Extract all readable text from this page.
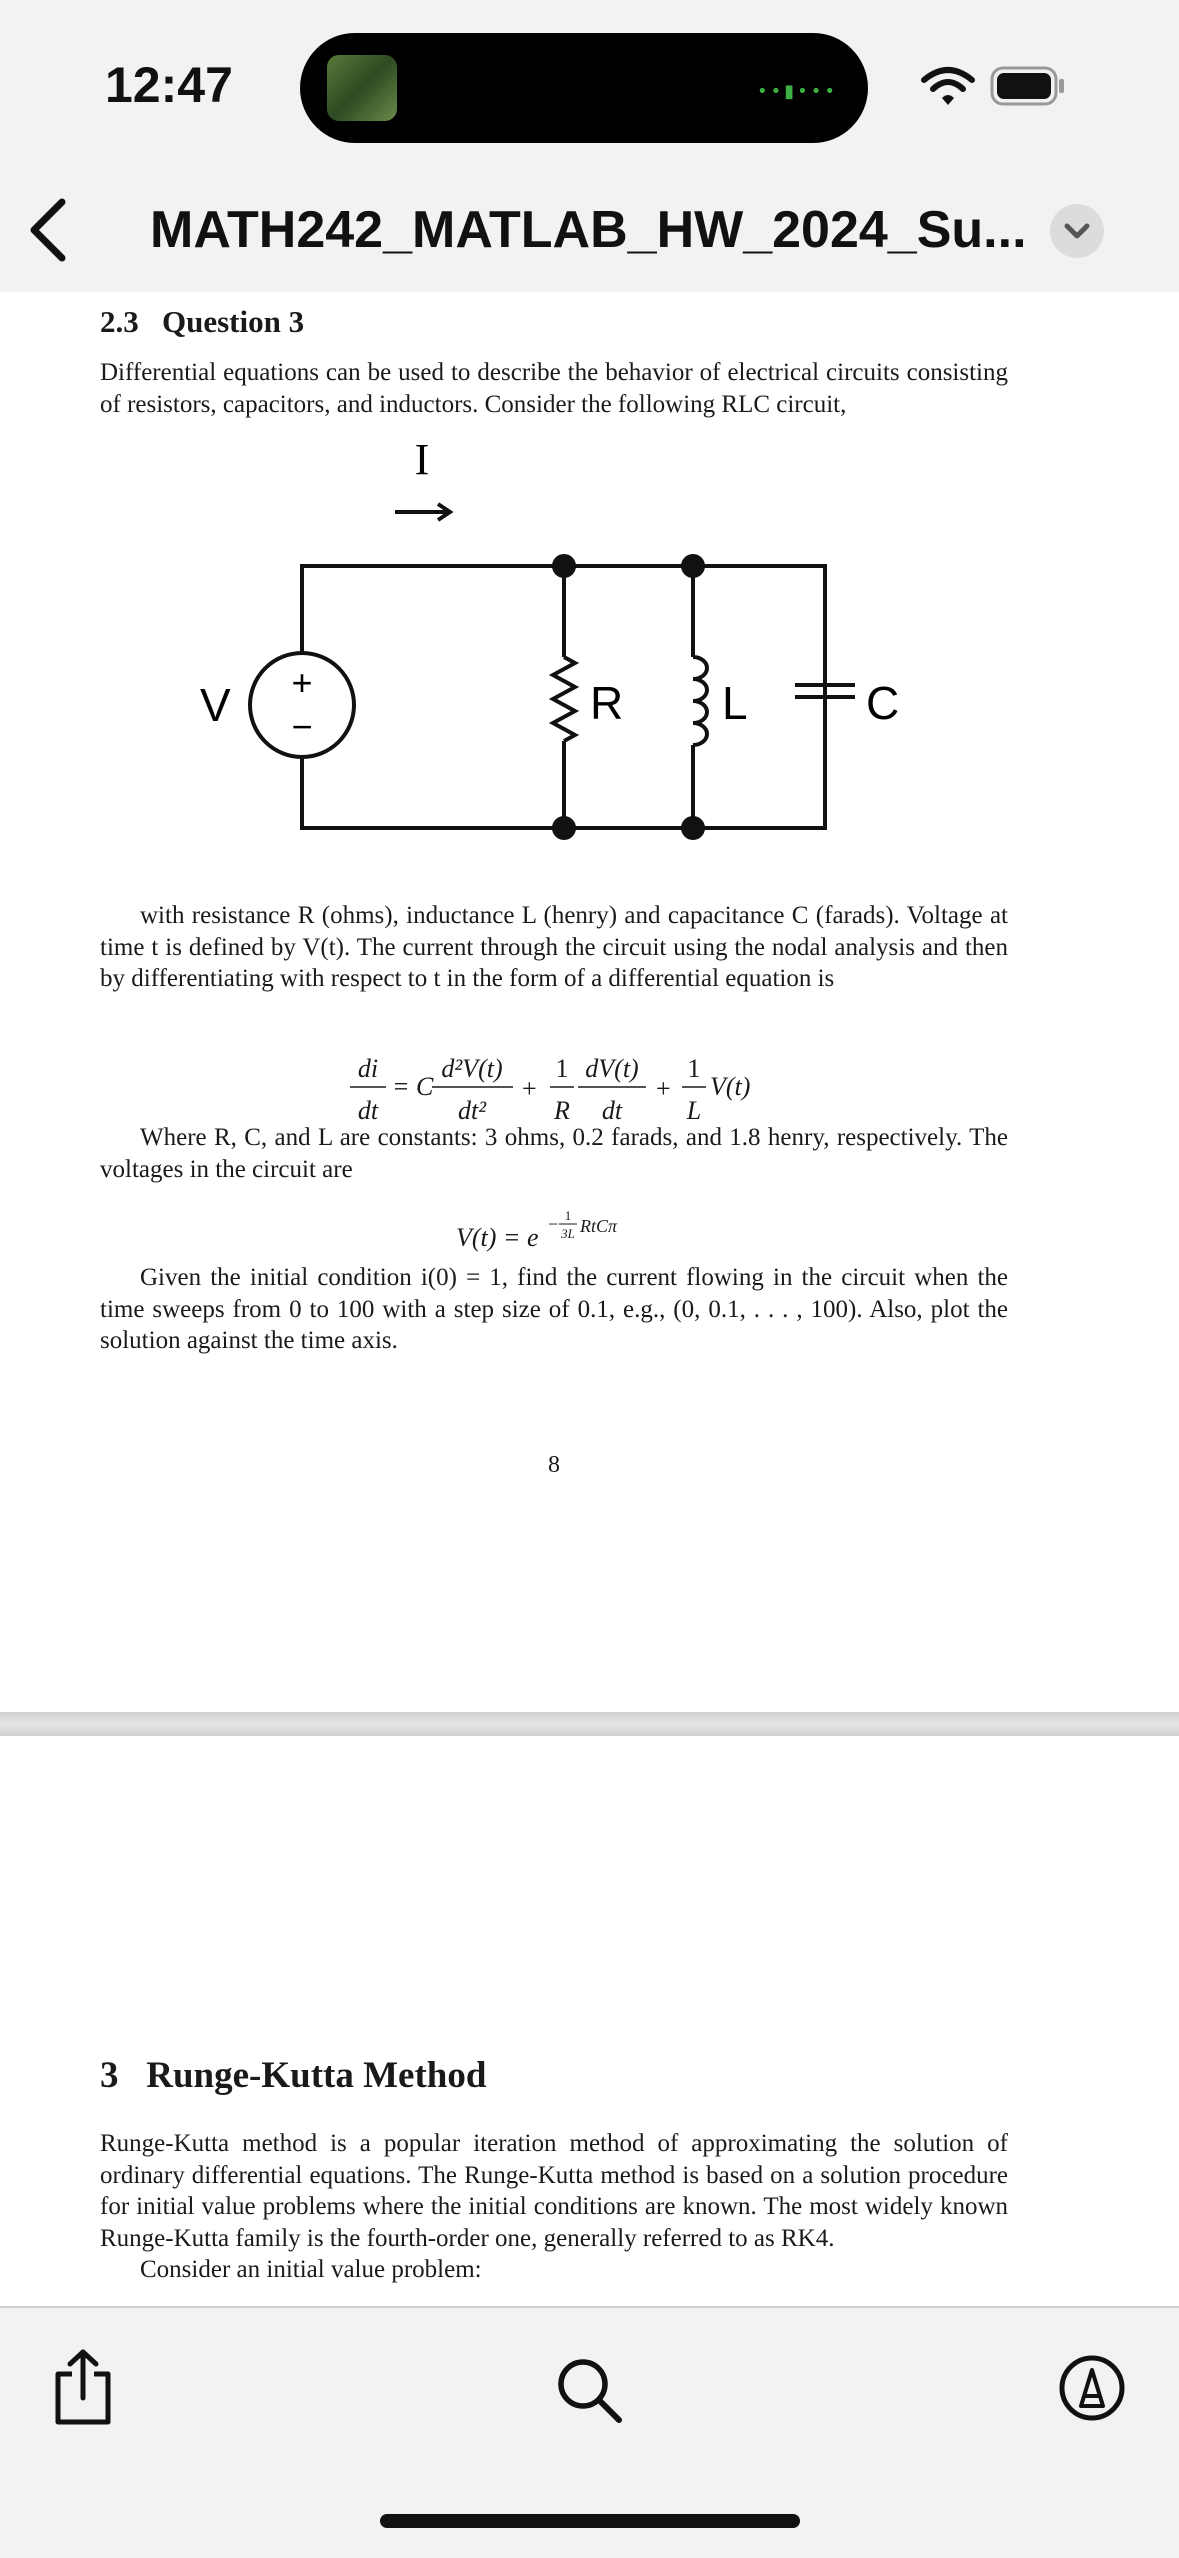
12:47	••▮•••
MATH242_MATLAB_HW_2024_Su...
2.3 Question 3

Differential equations can be used to describe the behavior of electrical circuits consisting of resistors, capacitors, and inductors. Consider the following RLC circuit,

I
+
−
V	R L	C

with resistance R (ohms), inductance L (henry) and capacitance C (farads). Voltage at time t is defined by V(t). The current through the circuit using the nodal analysis and then by differentiating with respect to t in the form of a differential equation is

di
dt
= C
d²V(t)
dt²
+
1
R
dV(t)
dt
+
1
L
V(t)

Where R, C, and L are constants: 3 ohms, 0.2 farads, and 1.8 henry, respectively. The voltages in the circuit are

V(t) = e − 1
3L RtCπ

Given the initial condition i(0) = 1, find the current flowing in the circuit when the time sweeps from 0 to 100 with a step size of 0.1, e.g., (0, 0.1, . . . , 100). Also, plot the solution against the time axis.

8
3 Runge-Kutta Method

Runge-Kutta method is a popular iteration method of approximating the solution of ordinary differential equations. The Runge-Kutta method is based on a solution procedure for initial value problems where the initial conditions are known. The most widely known Runge-Kutta family is the fourth-order one, generally referred to as RK4.

Consider an initial value problem:
